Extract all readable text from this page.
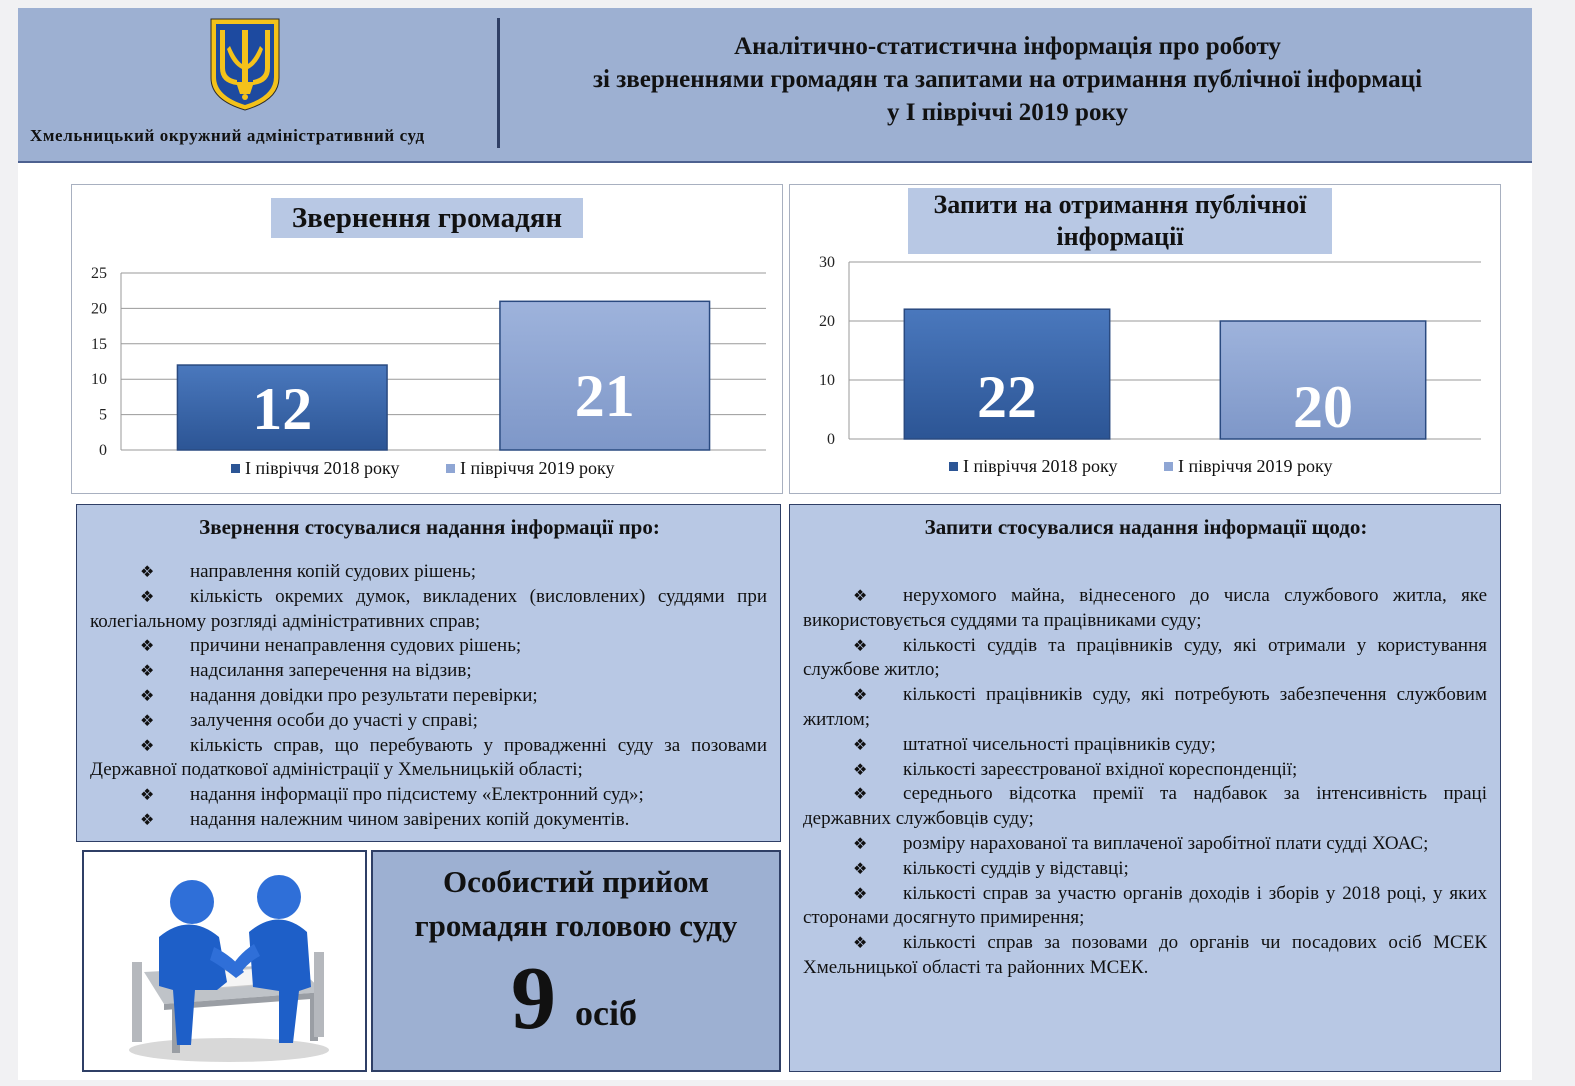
Хмельницький окружний адміністративний суд
Аналітично-статистична інформація про роботу
зі зверненнями громадян та запитами на отримання публічної інформаці
у І півріччі 2019 року
Звернення громадян
0
5
10
15
20
25
12	21
І півріччя 2018 року	І півріччя 2019 року
Запити на отримання публічної
інформації
0
10
20
30
22	20
І півріччя 2018 року	І півріччя 2019 року
Звернення стосувалися надання інформації про:
❖ направлення копій судових рішень;
❖ кількість окремих думок, викладених (висловлених) суддями при колегіальному розгляді адміністративних справ;
❖ причини ненаправлення судових рішень;
❖ надсилання заперечення на відзив;
❖ надання довідки про результати перевірки;
❖ залучення особи до участі у справі;
❖ кількість справ, що перебувають у провадженні суду за позовами Державної податкової адміністрації у Хмельницькій області;
❖ надання інформації про підсистему «Електронний суд»;
❖ надання належним чином завірених копій документів.
Запити стосувалися надання інформації щодо:
❖ нерухомого майна, віднесеного до числа службового житла, яке використовується суддями та працівниками суду;
❖ кількості суддів та працівників суду, які отримали у користування службове житло;
❖ кількості працівників суду, які потребують забезпечення службовим житлом;
❖ штатної чисельності працівників суду;
❖ кількості зареєстрованої вхідної кореспонденції;
❖ середнього відсотка премії та надбавок за інтенсивність праці державних службовців суду;
❖ розміру нарахованої та виплаченої заробітної плати судді ХОАС;
❖ кількості суддів у відставці;
❖ кількості справ за участю органів доходів і зборів у 2018 році, у яких сторонами досягнуто примирення;
❖ кількості справ за позовами до органів чи посадових осіб МСЕК Хмельницької області та районних МСЕК.
Особистий прийом
громадян головою суду
9 осіб
